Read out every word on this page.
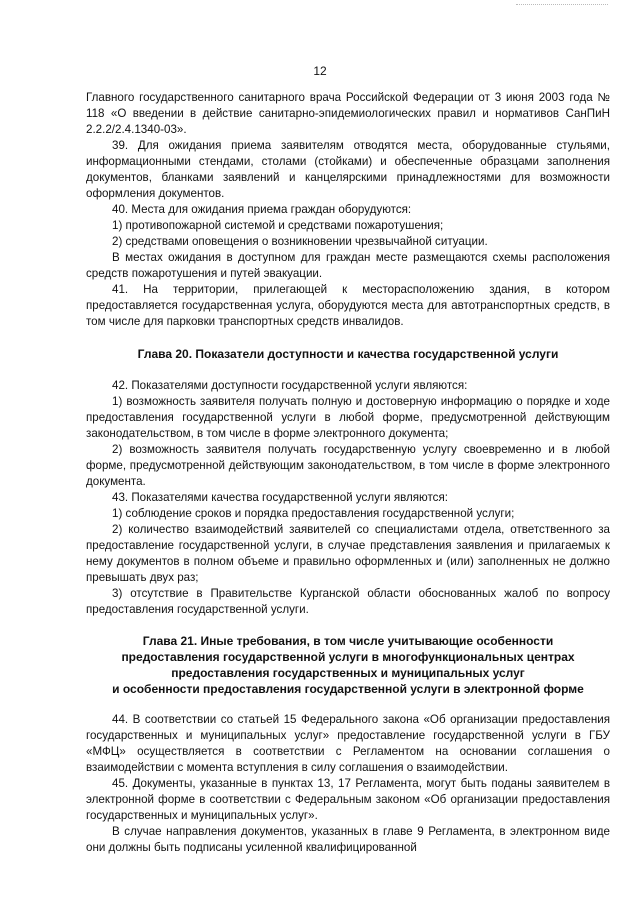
12

Главного государственного санитарного врача Российской Федерации от 3 июня 2003 года № 118 «О введении в действие санитарно-эпидемиологических правил и нормативов СанПиН 2.2.2/2.4.1340-03».

39. Для ожидания приема заявителям отводятся места, оборудованные стульями, информационными стендами, столами (стойками) и обеспеченные образцами заполнения документов, бланками заявлений и канцелярскими принадлежностями для возможности оформления документов.

40. Места для ожидания приема граждан оборудуются:

1) противопожарной системой и средствами пожаротушения;

2) средствами оповещения о возникновении чрезвычайной ситуации.

В местах ожидания в доступном для граждан месте размещаются схемы расположения средств пожаротушения и путей эвакуации.

41. На территории, прилегающей к месторасположению здания, в котором предоставляется государственная услуга, оборудуются места для автотранспортных средств, в том числе для парковки транспортных средств инвалидов.

Глава 20. Показатели доступности и качества государственной услуги

42. Показателями доступности государственной услуги являются:

1) возможность заявителя получать полную и достоверную информацию о порядке и ходе предоставления государственной услуги в любой форме, предусмотренной действующим законодательством, в том числе в форме электронного документа;

2) возможность заявителя получать государственную услугу своевременно и в любой форме, предусмотренной действующим законодательством, в том числе в форме электронного документа.

43. Показателями качества государственной услуги являются:

1) соблюдение сроков и порядка предоставления государственной услуги;

2) количество взаимодействий заявителей со специалистами отдела, ответственного за предоставление государственной услуги, в случае представления заявления и прилагаемых к нему документов в полном объеме и правильно оформленных и (или) заполненных не должно превышать двух раз;

3) отсутствие в Правительстве Курганской области обоснованных жалоб по вопросу предоставления государственной услуги.

Глава 21. Иные требования, в том числе учитывающие особенности
предоставления государственной услуги в многофункциональных центрах
предоставления государственных и муниципальных услуг
и особенности предоставления государственной услуги в электронной форме

44. В соответствии со статьей 15 Федерального закона «Об организации предоставления государственных и муниципальных услуг» предоставление государственной услуги в ГБУ «МФЦ» осуществляется в соответствии с Регламентом на основании соглашения о взаимодействии с момента вступления в силу соглашения о взаимодействии.

45. Документы, указанные в пунктах 13, 17 Регламента, могут быть поданы заявителем в электронной форме в соответствии с Федеральным законом «Об организации предоставления государственных и муниципальных услуг».

В случае направления документов, указанных в главе 9 Регламента, в электронном виде они должны быть подписаны усиленной квалифицированной
